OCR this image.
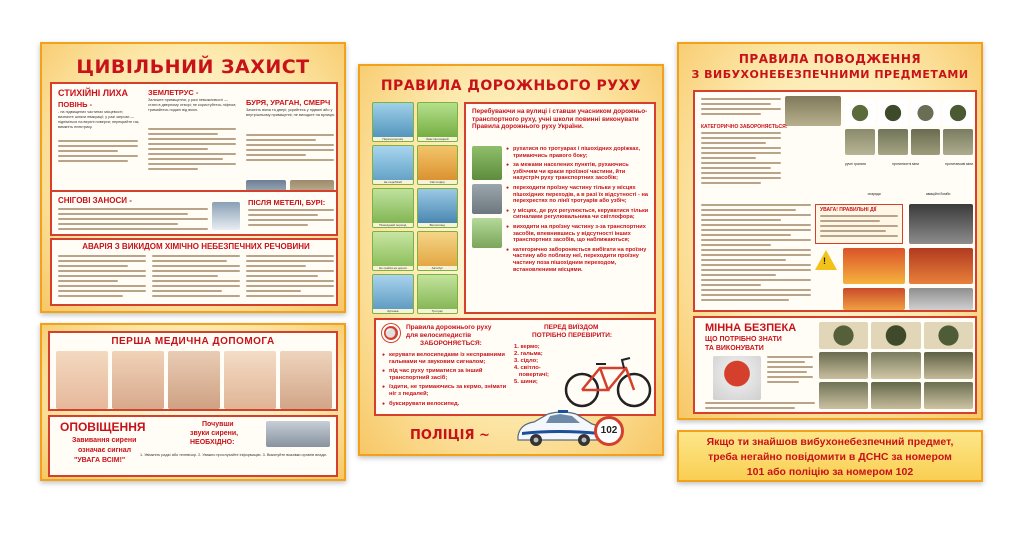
ЦИВІЛЬНИЙ ЗАХИСТ
СТИХІЙНІ ЛИХА
ПОВІНЬ -
- на підвищених частинах місцевості; визначте шляхи евакуації; у разі загрози — підніміться на верхні поверхи; перекрийте газ, вимкніть електрику.
ЗЕМЛЕТРУС -
Залиште приміщення; у разі неможливості — стати в дверному отворі; не користуйтесь ліфтом; тримайтесь подалі від вікон.
БУРЯ, УРАГАН, СМЕРЧ
Зачиніть вікна та двері; укрийтесь у підвалі або у внутрішньому приміщенні; не виходьте на вулицю.
СНІГОВІ ЗАНОСИ -	ПІСЛЯ МЕТЕЛІ, БУРІ:
АВАРІЯ З ВИКИДОМ ХІМІЧНО НЕБЕЗПЕЧНИХ РЕЧОВИНИ
ПЕРША МЕДИЧНА ДОПОМОГА
ОПОВІЩЕННЯ
Завивання сирени
означає сигнал
"УВАГА ВСІМ!"
Почувши
звуки сирени,
НЕОБХІДНО:
1. Увімкніть радіо або телевізор. 2. Уважно прослухайте інформацію. 3. Виконуйте вказівки органів влади.
ПРАВИЛА ДОРОЖНЬОГО РУХУ
Перехід вулиці	Знак пішохідний
Не перебігай	Світлофор
Пішохідний перехід	Велосипед
Не грайся на дорозі	Автобус
Зупинка	Тротуар
Перебуваючи на вулиці і ставши учасником дорожньо-транспортного руху, учні школи повинні виконувати Правила дорожнього руху України.
● рухатися по тротуарах і пішохідних доріжках, тримаючись правого боку;
● за межами населених пунктів, рухаючись узбіччям чи краєм проїзної частини, йти назустріч руху транспортних засобів;
● переходити проїзну частину тільки у місцях пішохідних переходів, а в разі їх відсутності - на перехрестях по лінії тротуарів або узбіч;
● у місцях, де рух регулюється, керуватися тільки сигналами регулювальника чи світлофора;
● виходити на проїзну частину з-за транспортних засобів, впевнившись у відсутності інших транспортних засобів, що наближаються;
● категорично забороняється вибігати на проїзну частину або поблизу неї, переходити проїзну частину поза пішохідним переходом, встановленими місцями.
⚪
Правила дорожнього руху
для велосипедистів
ЗАБОРОНЯЄТЬСЯ:
● керувати велосипедами із несправними гальмами чи звуковим сигналом;
● під час руху триматися за інший транспортний засіб;
● їздити, не тримаючись за кермо, знімати ніг з педалей;
● буксирувати велосипед.
ПЕРЕД ВИЇЗДОМ
ПОТРІБНО ПЕРЕВІРИТИ:
1. кермо;
2. гальма;
3. сідло;
4. світло-
повертачі;
5. шини;
ПОЛІЦІЯ ~	102
ПРАВИЛА ПОВОДЖЕННЯ
З ВИБУХОНЕБЕЗПЕЧНИМИ ПРЕДМЕТАМИ
КАТЕГОРИЧНО ЗАБОРОНЯЄТЬСЯ:
ручні гранати	протипіхотні міни	протитанкові міни
снаряди	авіаційні бомби
УВАГА! ПРАВИЛЬНІ ДІЇ
!
МІННА БЕЗПЕКА
ЩО ПОТРІБНО ЗНАТИ
ТА ВИКОНУВАТИ
Якщо ти знайшов вибухонебезпечний предмет,
треба негайно повідомити в ДСНС за номером
101 або поліцію за номером 102
